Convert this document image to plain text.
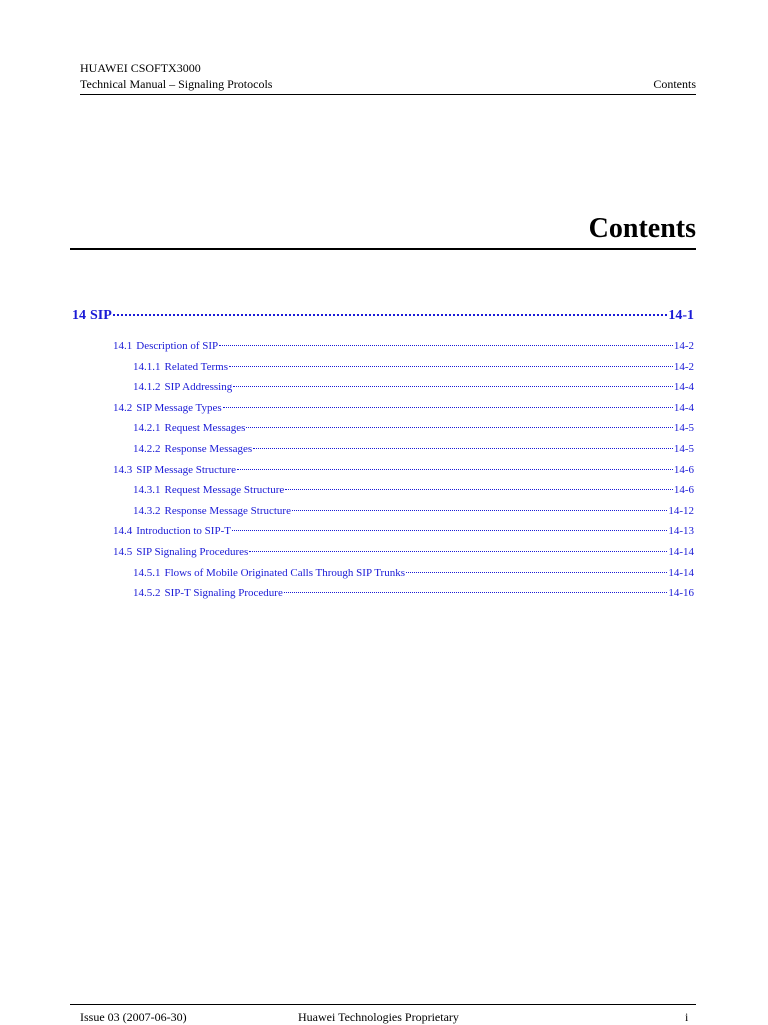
HUAWEI CSOFTX3000
Technical Manual – Signaling Protocols	Contents
Contents
14 SIP	14-1
14.1 Description of SIP	14-2
14.1.1 Related Terms	14-2
14.1.2 SIP Addressing	14-4
14.2 SIP Message Types	14-4
14.2.1 Request Messages	14-5
14.2.2 Response Messages	14-5
14.3 SIP Message Structure	14-6
14.3.1 Request Message Structure	14-6
14.3.2 Response Message Structure	14-12
14.4 Introduction to SIP-T	14-13
14.5 SIP Signaling Procedures	14-14
14.5.1 Flows of Mobile Originated Calls Through SIP Trunks	14-14
14.5.2 SIP-T Signaling Procedure	14-16
Issue 03 (2007-06-30)	Huawei Technologies Proprietary	i
